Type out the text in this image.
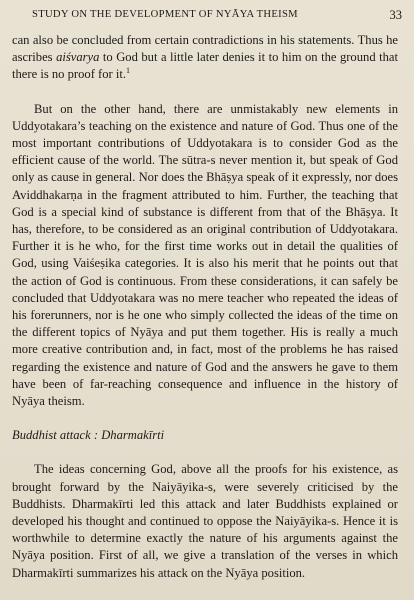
STUDY ON THE DEVELOPMENT OF NYĀYA THEISM	33

can also be concluded from certain contradictions in his statements. Thus he ascribes aiśvarya to God but a little later denies it to him on the ground that there is no proof for it.$^1$

But on the other hand, there are unmistakably new elements in Uddyotakara’s teaching on the existence and nature of God. Thus one of the most important contributions of Uddyotakara is to consider God as the efficient cause of the world. The sūtra-s never mention it, but speak of God only as cause in general. Nor does the Bhāṣya speak of it expressly, nor does Aviddhakarṇa in the fragment attributed to him. Further, the teaching that God is a special kind of substance is different from that of the Bhāṣya. It has, therefore, to be considered as an original contribution of Uddyotakara. Further it is he who, for the first time works out in detail the qualities of God, using Vaiśeṣika categories. It is also his merit that he points out that the action of God is continuous. From these considerations, it can safely be concluded that Uddyotakara was no mere teacher who repeated the ideas of his forerunners, nor is he one who simply collected the ideas of the time on the different topics of Nyāya and put them together. His is really a much more creative contribution and, in fact, most of the problems he has raised regarding the existence and nature of God and the answers he gave to them have been of far-reaching consequence and influence in the history of Nyāya theism.

Buddhist attack : Dharmakīrti

The ideas concerning God, above all the proofs for his existence, as brought forward by the Naiyāyika-s, were severely criticised by the Buddhists. Dharmakīrti led this attack and later Buddhists explained or developed his thought and continued to oppose the Naiyāyika-s. Hence it is worthwhile to determine exactly the nature of his arguments against the Nyāya position. First of all, we give a translation of the verses in which Dharmakīrti summarizes his attack on the Nyāya position.
